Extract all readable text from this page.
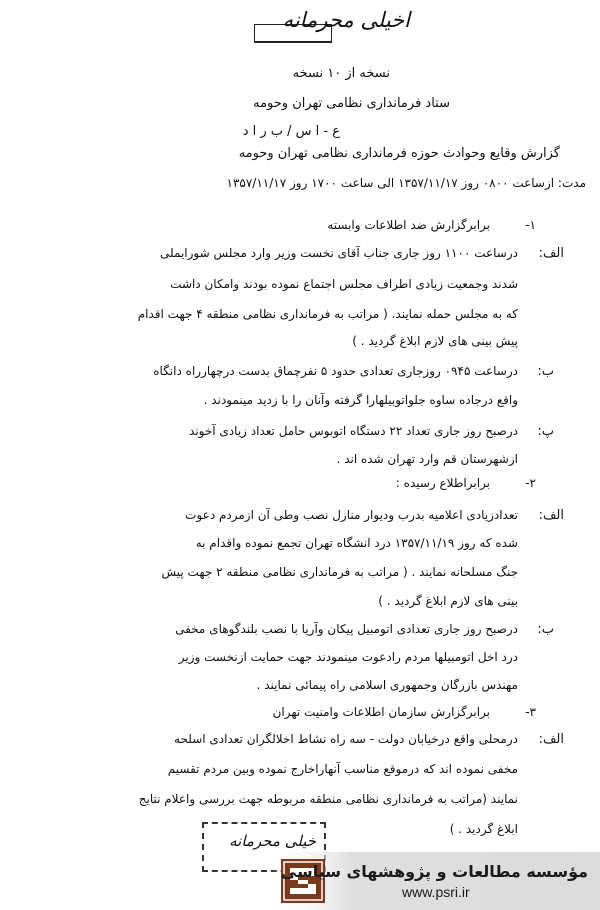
اخیلی محرمانه
نسخه از ۱۰ نسخه
ستاد فرمانداری نظامی تهران وحومه
ع - ا س / ب ر ا د
گزارش وقایع وحوادث حوزه فرمانداری نظامی تهران وحومه
مدت: ازساعت ۰۸۰۰ روز ۱۳۵۷/۱۱/۱۷ الی ساعت ۱۷۰۰ روز ۱۳۵۷/۱۱/۱۷
۱-
برابرگزارش ضد اطلاعات وابسته
الف:
درساعت ۱۱۰۰ روز جاری جناب آقای نخست وزیر وارد مجلس شورایملی
شدند وجمعیت زیادی اطراف مجلس اجتماع نموده بودند وامکان داشت
که به مجلس حمله نمایند. ( مراتب به فرمانداری نظامی منطقه ۴ جهت اقدام
پیش بینی های لازم ابلاغ گردید . )
ب:
درساعت ۰۹۴۵ روزجاری تعدادی حدود ۵ نفرچماق بدست درچهارراه دانگاه
واقع درجاده ساوه جلواتوبیلهارا گرفته وآنان را با زدید مینمودند .
پ:
درصبح روز جاری تعداد ۲۲ دستگاه اتوبوس حامل تعداد زیادی آخوند
ازشهرستان قم وارد تهران شده اند .
۲-
برابراطلاع رسیده :
الف:
تعدادزیادی اعلامیه بدرب ودیوار منازل نصب وطی آن ازمردم دعوت
شده که روز ۱۳۵۷/۱۱/۱۹ درد انشگاه تهران تجمع نموده واقدام به
جنگ مسلحانه نمایند . ( مراتب به فرمانداری نظامی منطقه ۲ جهت پیش
بینی های لازم ابلاغ گردید . )
ب:
درصبح روز جاری تعدادی اتومبیل پیکان وآریا با نصب بلندگوهای مخفی
درد اخل اتومبیلها مردم رادعوت مینمودند جهت حمایت ازنخست وزیر
مهندس بازرگان وجمهوری اسلامی راه پیمائی نمایند .
۳-
برابرگزارش سازمان اطلاعات وامنیت تهران
الف:
درمحلی واقع درخیابان دولت - سه راه نشاط اخلالگران تعدادی اسلحه
مخفی نموده اند که درموقع مناسب آنهاراخارج نموده وبین مردم تقسیم
نمایند (مراتب به فرمانداری نظامی منطقه مربوطه جهت بررسی واعلام نتایج
ابلاغ گردید . )
خیلی محرمانه
مؤسسه مطالعات و پژوهشهای سیاسی
www.psri.ir
